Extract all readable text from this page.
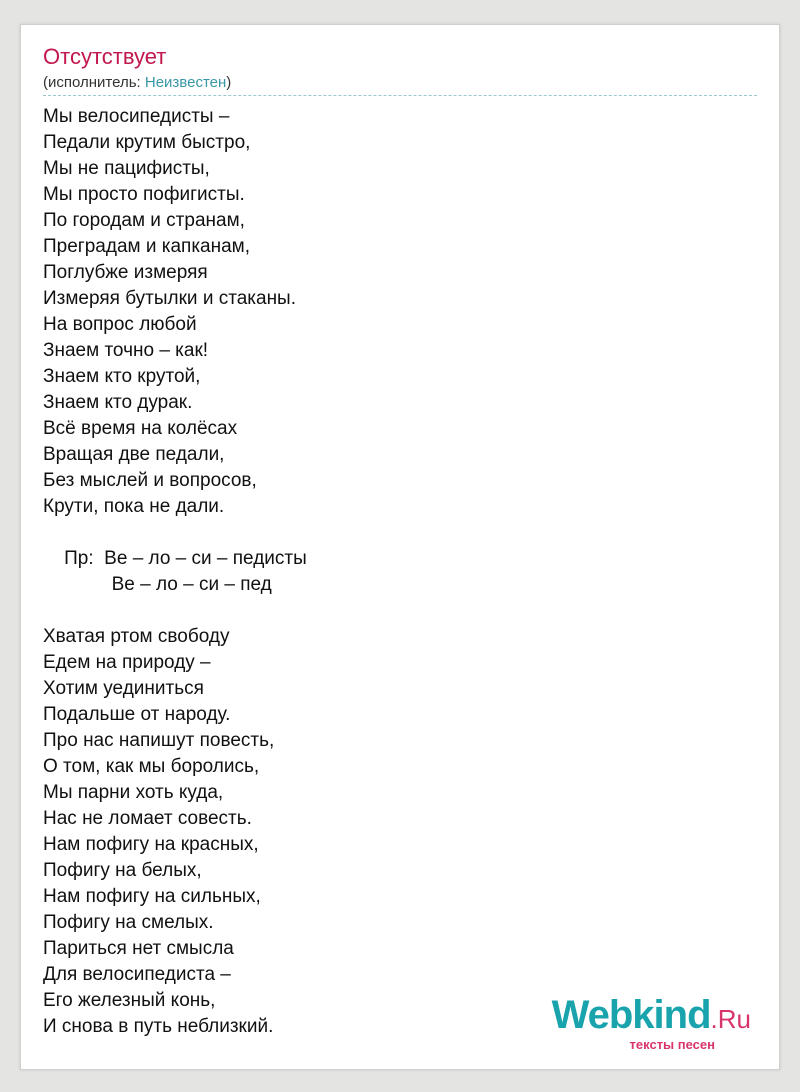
Отсутствует
(исполнитель: Неизвестен)
Мы велосипедисты –
Педали крутим быстро,
Мы не пацифисты,
Мы просто пофигисты.
По городам и странам,
Преградам и капканам,
Поглубже измеряя
Измеряя бутылки и стаканы.
На вопрос любой
Знаем точно – как!
Знаем кто крутой,
Знаем кто дурак.
Всё время на колёсах
Вращая две педали,
Без мыслей и вопросов,
Крути, пока не дали.
Пр:  Ве – ло – си – педисты
Ве – ло – си – пед
Хватая ртом свободу
Едем на природу –
Хотим уединиться
Подальше от народу.
Про нас напишут повесть,
О том, как мы боролись,
Мы парни хоть куда,
Нас не ломает совесть.
Нам пофигу на красных,
Пофигу на белых,
Нам пофигу на сильных,
Пофигу на смелых.
Париться нет смысла
Для велосипедиста –
Его железный конь,
И снова в путь неблизкий.	Webkind.Ru
тексты песен
